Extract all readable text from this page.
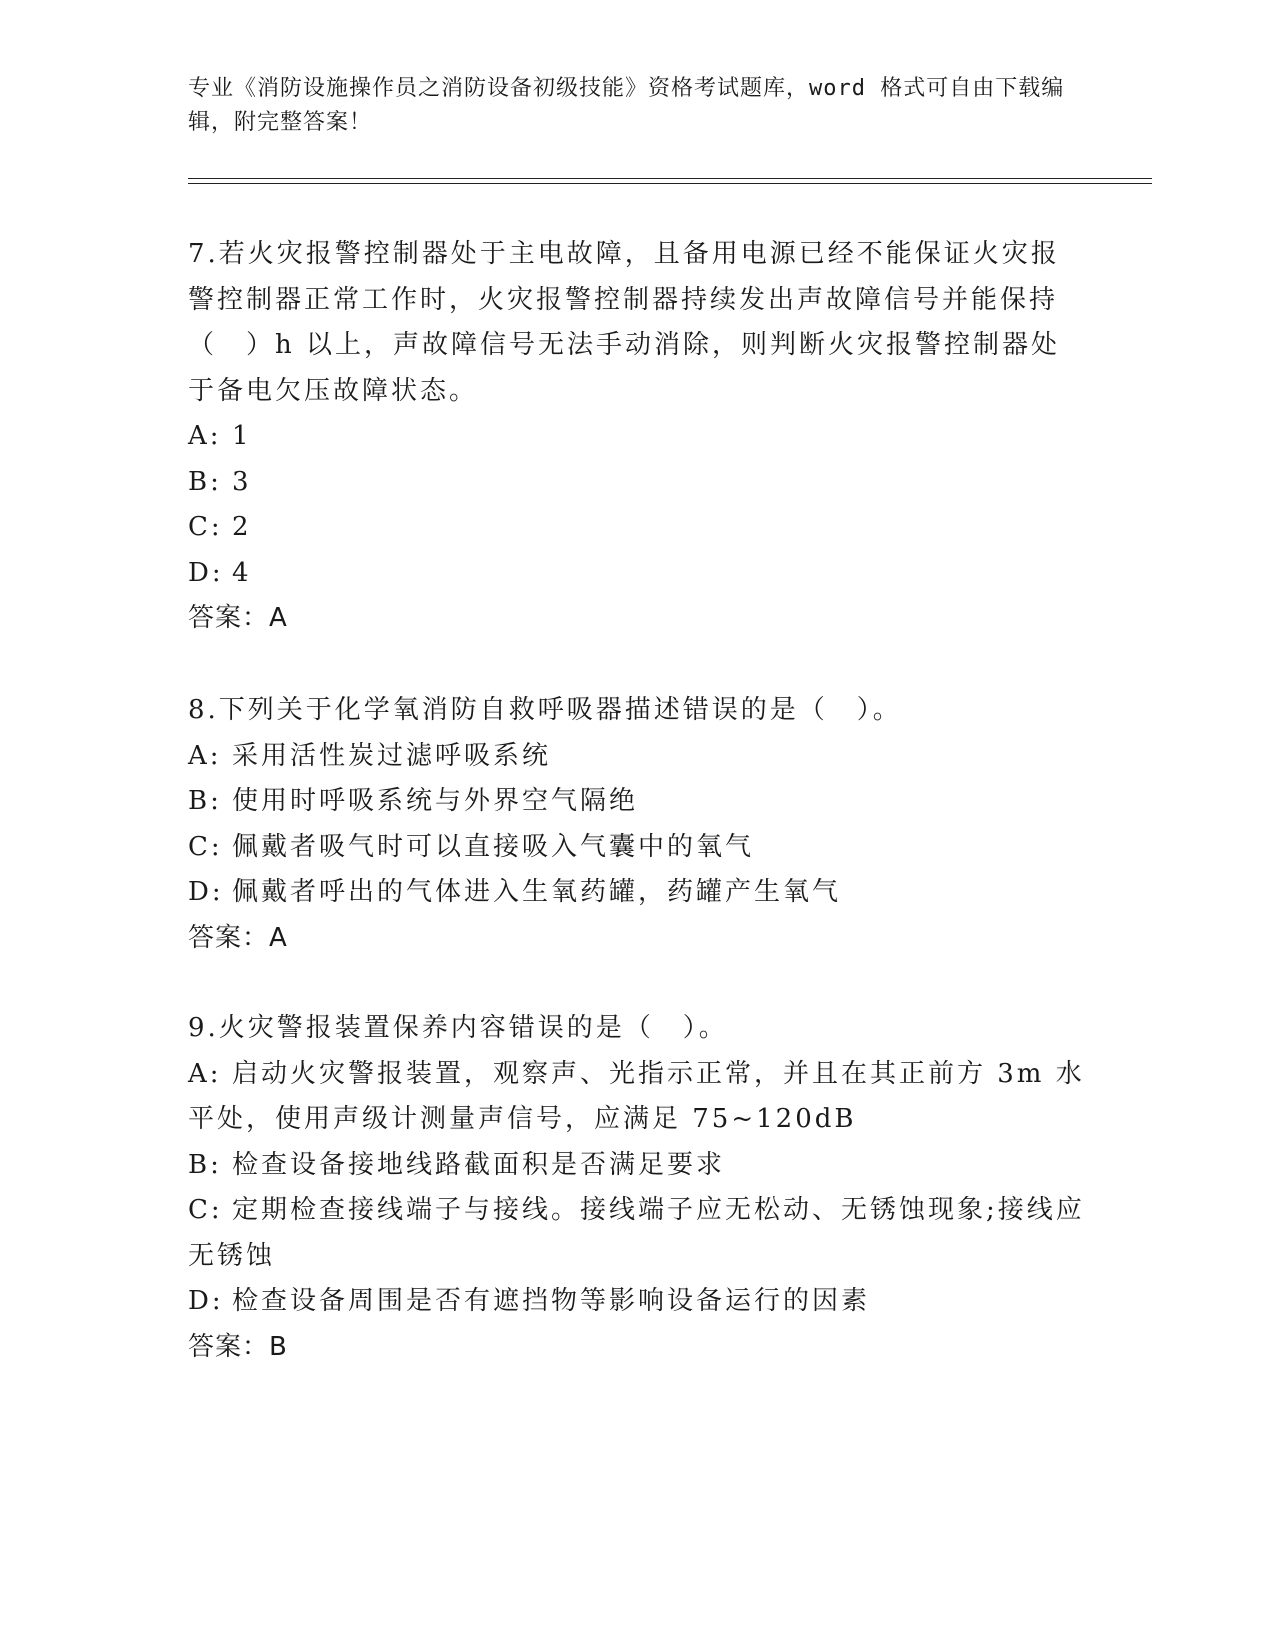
专业《消防设施操作员之消防设备初级技能》资格考试题库，word 格式可自由下载编辑，附完整答案！
7.若火灾报警控制器处于主电故障，且备用电源已经不能保证火灾报警控制器正常工作时，火灾报警控制器持续发出声故障信号并能保持（　）h 以上，声故障信号无法手动消除，则判断火灾报警控制器处于备电欠压故障状态。
A: 1
B: 3
C: 2
D: 4
答案：A
8.下列关于化学氧消防自救呼吸器描述错误的是（　）。
A: 采用活性炭过滤呼吸系统
B: 使用时呼吸系统与外界空气隔绝
C: 佩戴者吸气时可以直接吸入气囊中的氧气
D: 佩戴者呼出的气体进入生氧药罐，药罐产生氧气
答案：A
9.火灾警报装置保养内容错误的是（　）。
A: 启动火灾警报装置，观察声、光指示正常，并且在其正前方 3m 水平处，使用声级计测量声信号，应满足 75~120dB
B: 检查设备接地线路截面积是否满足要求
C: 定期检查接线端子与接线。接线端子应无松动、无锈蚀现象;接线应无锈蚀
D: 检查设备周围是否有遮挡物等影响设备运行的因素
答案：B
